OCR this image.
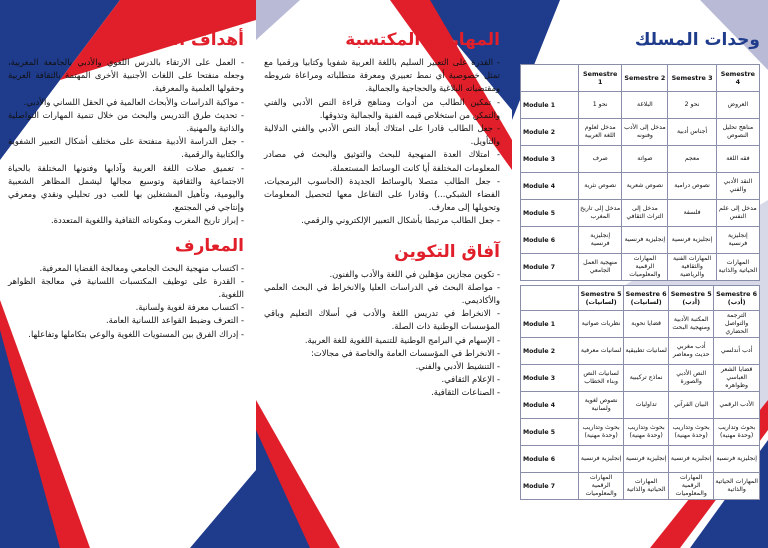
أهداف التكوين
- العمل على الارتقاء بالدرس اللغوي والأدبي بالجامعة المغربية، وجعله منفتحا على اللغات الأجنبية الأخرى المهتمة بالثقافة العربية وحقولها العلمية والمعرفية.
- مواكبة الدراسات والأبحاث العالمية في الحقل اللساني والأدبي.
- تحديث طرق التدريس والبحث من خلال تنمية المهارات التواصلية والذاتية والمهنية.
- جعل الدراسة الأدبية منفتحة على مختلف أشكال التعبير الشفوية والكتابية والرقمية.
- تعميق صلات اللغة العربية وآدابها وفنونها المختلفة بالحياة الاجتماعية والثقافية وتوسيع مجالها ليشمل المظاهر الشعبية واليومية، وتأهيل المشتغلين بها للعب دور تحليلي ونقدي ومعرفي وإنتاجي في المجتمع.
- إبراز تاريخ المغرب ومكوناته الثقافية واللغوية المتعددة.
المعارف
- اكتساب منهجية البحث الجامعي ومعالجة القضايا المعرفية.
- القدرة على توظيف المكتسبات اللسانية في معالجة الظواهر اللغوية.
- اكتساب معرفة لغوية ولسانية.
- التعرف وضبط القواعد اللسانية العامة.
- إدراك الفرق بين المستويات اللغوية والوعي بتكاملها وتفاعلها.
المهارات المكتسبة
- القدرة على التعبير السليم باللغة العربية شفويا وكتابيا ورقميا مع تمثل خصوصية أي نمط تعبيري ومعرفة متطلباته ومراعاة شروطه ومقتضياته البلاغية والحجاجية والجمالية.
- تمكين الطالب من أدوات ومناهج قراءة النص الأدبي والفني والتمكن من استخلاص قيمه الفنية والجمالية وتذوقها.
- جعل الطالب قادرا على امتلاك أبعاد النص الأدبي والفني الدلالية والتأويل.
- امتلاك العدة المنهجية للبحث والتوثيق والبحث في مصادر المعلومات المختلفة أيا كانت الوسائط المستعملة.
- جعل الطالب متصلا بالوسائط الجديدة (الحاسوب البرمجيات، الفضاء الشبكي...) وقادرا على التفاعل معها لتحصيل المعلومات وتحويلها إلى معارف.
- جعل الطالب مرتبطا بأشكال التعبير الإلكتروني والرقمي.
آفاق التكوين
- تكوين مجازين مؤهلين في اللغة والأدب والفنون.
- مواصلة البحث في الدراسات العليا والانخراط في البحث العلمي والأكاديمي.
- الانخراط في تدريس اللغة والأدب في أسلاك التعليم وباقي المؤسسات الوطنية ذات الصلة.
- الإسهام في البرامج الوطنية للتنمية اللغوية للغة العربية.
- الانخراط في المؤسسات العامة والخاصة في مجالات:
- التنشيط الأدبي والفني.
- الإعلام الثقافي.
- الصناعات الثقافية.
وحدات المسلك
	Semestre 1	Semestre 2	Semestre 3	Semestre 4
Module 1	نحو 1	البلاغة	نحو 2	العروض

Module 2	مدخل لعلوم اللغة العربية	مدخل إلى الأدب وفنونه	أجناس أدبية	مناهج تحليل النصوص

Module 3	صرف	صواتة	معجم	فقه اللغة

Module 4	نصوص نثرية	نصوص شعرية	نصوص درامية	النقد الأدبي والفني

Module 5	مدخل إلى تاريخ المغرب	مدخل إلى التراث الثقافي	فلسفة	مدخل إلى علم النفس

Module 6	إنجليزية فرنسية	إنجليزية فرنسية	إنجليزية فرنسية	إنجليزية فرنسية

Module 7	منهجية العمل الجامعي	المهارات الرقمية والمعلوميات	المهارات الفنية والثقافية والرياضية	المهارات الحياتية والذاتية
	Semestre 5 (لسانيات)	Semestre 6 (لسانيات)	Semestre 5 (أدب)	Semestre 6 (أدب)
Module 1	نظريات صواتية	قضايا نحوية	المكتبة الأدبية ومنهجية البحث	الترجمة والتواصل الحضاري

Module 2	لسانيات معرفية	لسانيات تطبيقية	أدب مغربي حديث ومعاصر	أدب أندلسي

Module 3	لسانيات النص وبناء الخطاب	نماذج تركيبية	النص الأدبي والصورة	قضايا الشعر العباسي وظواهره

Module 4	نصوص لغوية ولسانية	تداوليات	البيان القرآني	الأدب الرقمي

Module 5	بحوث وتداريب (وحدة مهنية)	بحوث وتداريب (وحدة مهنية)	بحوث وتداريب (وحدة مهنية)	بحوث وتداريب (وحدة مهنية)

Module 6	إنجليزية فرنسية	إنجليزية فرنسية	إنجليزية فرنسية	إنجليزية فرنسية

Module 7	المهارات الرقمية والمعلوميات	المهارات الحياتية والذاتية	المهارات الرقمية والمعلوميات	المهارات الحياتية والذاتية
